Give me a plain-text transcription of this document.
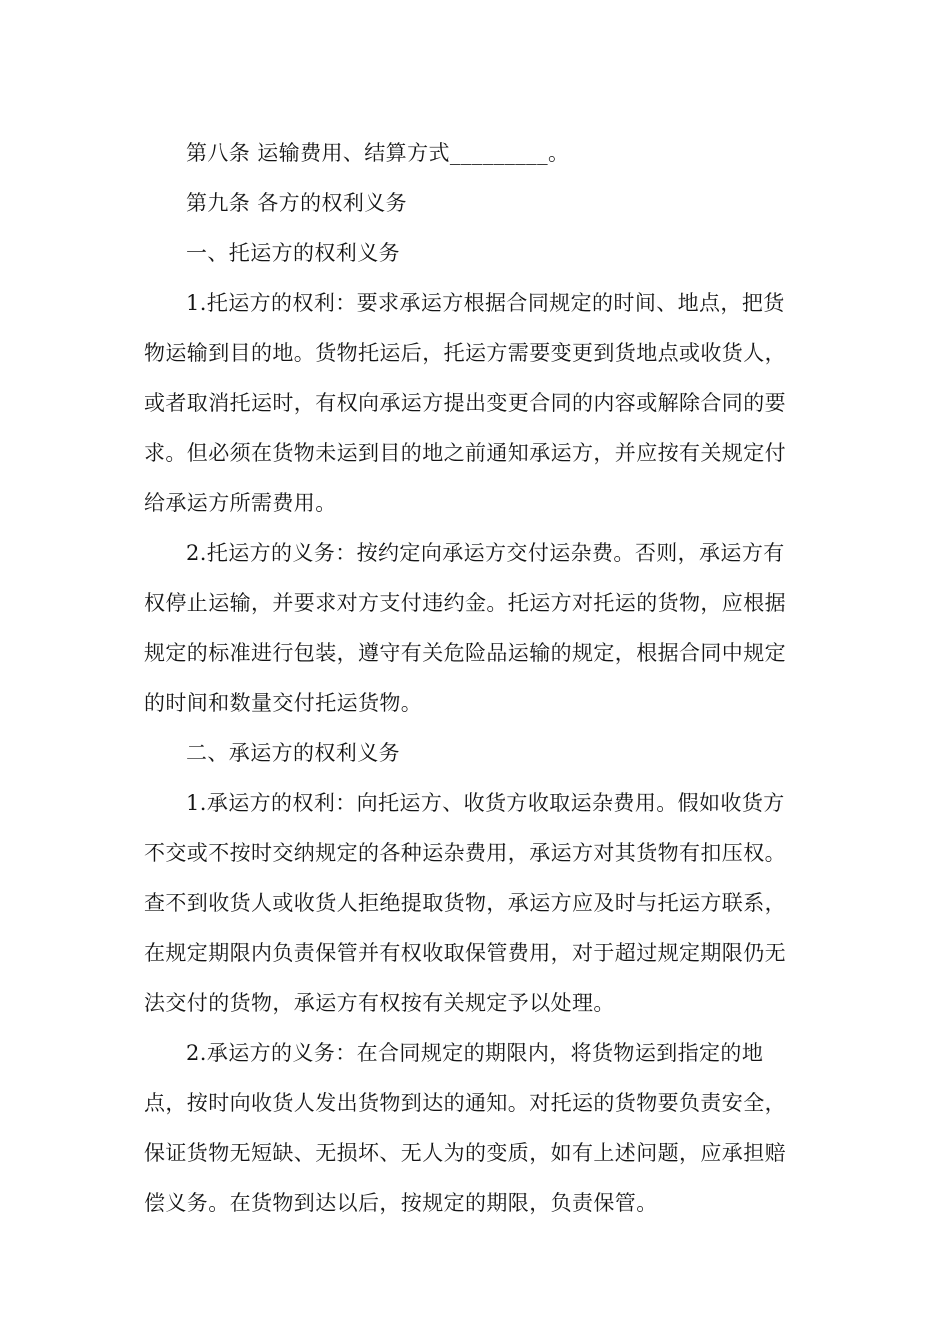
第八条 运输费用、结算方式_________。

第九条 各方的权利义务

一、托运方的权利义务

1.托运方的权利：要求承运方根据合同规定的时间、地点，把货物运输到目的地。货物托运后，托运方需要变更到货地点或收货人，或者取消托运时，有权向承运方提出变更合同的内容或解除合同的要求。但必须在货物未运到目的地之前通知承运方，并应按有关规定付给承运方所需费用。

2.托运方的义务：按约定向承运方交付运杂费。否则，承运方有权停止运输，并要求对方支付违约金。托运方对托运的货物，应根据规定的标准进行包装，遵守有关危险品运输的规定，根据合同中规定的时间和数量交付托运货物。

二、承运方的权利义务

1.承运方的权利：向托运方、收货方收取运杂费用。假如收货方不交或不按时交纳规定的各种运杂费用，承运方对其货物有扣压权。查不到收货人或收货人拒绝提取货物，承运方应及时与托运方联系，在规定期限内负责保管并有权收取保管费用，对于超过规定期限仍无法交付的货物，承运方有权按有关规定予以处理。

2.承运方的义务：在合同规定的期限内，将货物运到指定的地点，按时向收货人发出货物到达的通知。对托运的货物要负责安全，保证货物无短缺、无损坏、无人为的变质，如有上述问题，应承担赔偿义务。在货物到达以后，按规定的期限，负责保管。
